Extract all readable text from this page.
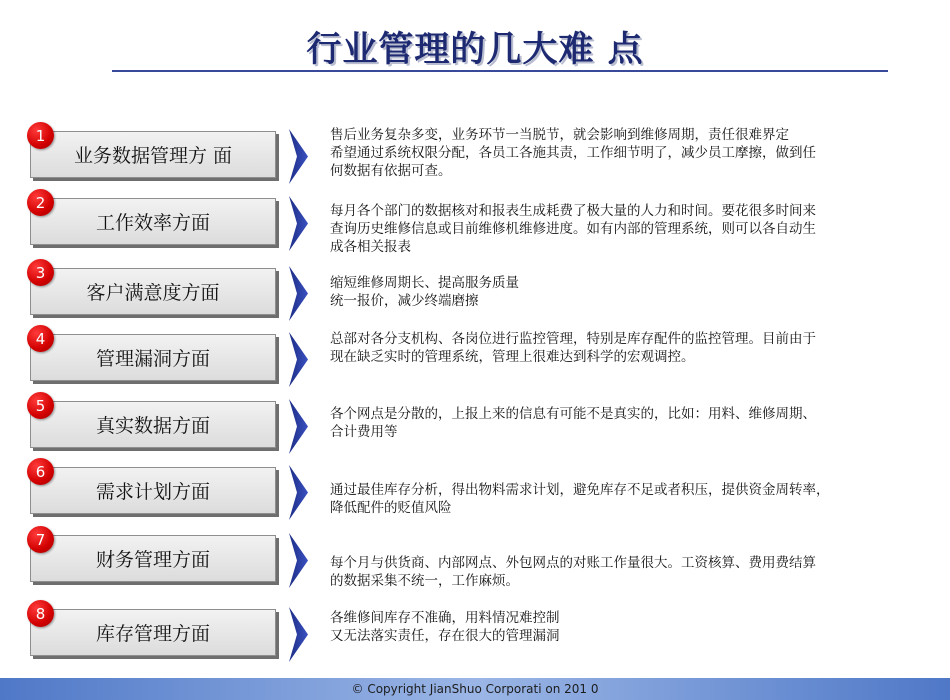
行业管理的几大难 点
业务数据管理方 面
1	售后业务复杂多变，业务环节一当脱节，就会影响到维修周期，责任很难界定
希望通过系统权限分配，各员工各施其责，工作细节明了，减少员工摩擦，做到任
何数据有依据可查。
工作效率方面
2	每月各个部门的数据核对和报表生成耗费了极大量的人力和时间。要花很多时间来
查询历史维修信息或目前维修机维修进度。如有内部的管理系统，则可以各自动生
成各相关报表
客户满意度方面
3
缩短维修周期长、提高服务质量
统一报价，减少终端磨擦
管理漏洞方面
4	总部对各分支机构、各岗位进行监控管理，特别是库存配件的监控管理。目前由于
现在缺乏实时的管理系统，管理上很难达到科学的宏观调控。
真实数据方面
5	各个网点是分散的，上报上来的信息有可能不是真实的，比如：用料、维修周期、
合计费用等
需求计划方面
6
通过最佳库存分析，得出物料需求计划，避免库存不足或者积压，提供资金周转率，
降低配件的贬值风险
财务管理方面
7
每个月与供货商、内部网点、外包网点的对账工作量很大。工资核算、费用费结算
的数据采集不统一，工作麻烦。
库存管理方面
8	各维修间库存不准确，用料情况难控制
又无法落实责任，存在很大的管理漏洞
© Copyright JianShuo Corporati on 201 0
